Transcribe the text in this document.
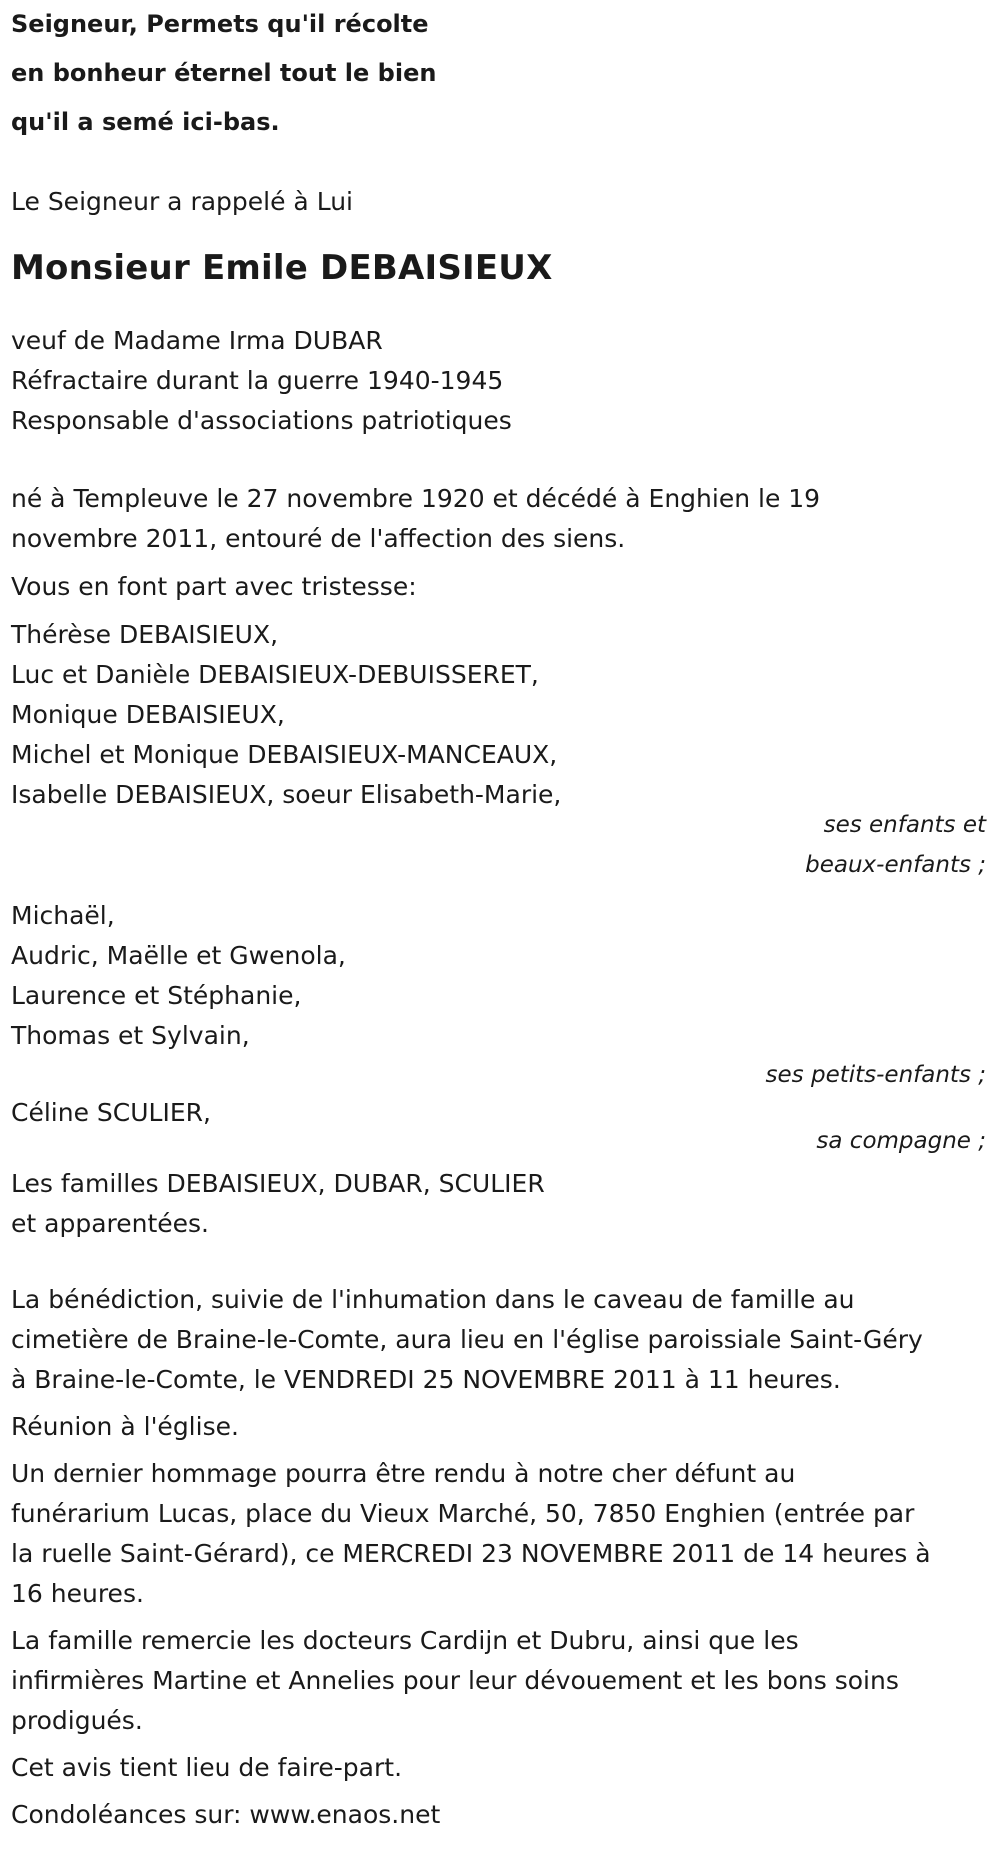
Seigneur, Permets qu'il récolte
en bonheur éternel tout le bien
qu'il a semé ici-bas.
Le Seigneur a rappelé à Lui
Monsieur Emile DEBAISIEUX
veuf de Madame Irma DUBAR
Réfractaire durant la guerre 1940-1945
Responsable d'associations patriotiques
né à Templeuve le 27 novembre 1920 et décédé à Enghien le 19
novembre 2011, entouré de l'affection des siens.
Vous en font part avec tristesse:
Thérèse DEBAISIEUX,
Luc et Danièle DEBAISIEUX-DEBUISSERET,
Monique DEBAISIEUX,
Michel et Monique DEBAISIEUX-MANCEAUX,
Isabelle DEBAISIEUX, soeur Elisabeth-Marie,
ses enfants et
beaux-enfants ;
Michaël,
Audric, Maëlle et Gwenola,
Laurence et Stéphanie,
Thomas et Sylvain,
ses petits-enfants ;
Céline SCULIER,
sa compagne ;
Les familles DEBAISIEUX, DUBAR, SCULIER
et apparentées.
La bénédiction, suivie de l'inhumation dans le caveau de famille au
cimetière de Braine-le-Comte, aura lieu en l'église paroissiale Saint-Géry
à Braine-le-Comte, le VENDREDI 25 NOVEMBRE 2011 à 11 heures.
Réunion à l'église.
Un dernier hommage pourra être rendu à notre cher défunt au
funérarium Lucas, place du Vieux Marché, 50, 7850 Enghien (entrée par
la ruelle Saint-Gérard), ce MERCREDI 23 NOVEMBRE 2011 de 14 heures à
16 heures.
La famille remercie les docteurs Cardijn et Dubru, ainsi que les
infirmières Martine et Annelies pour leur dévouement et les bons soins
prodigués.
Cet avis tient lieu de faire-part.
Condoléances sur: www.enaos.net
